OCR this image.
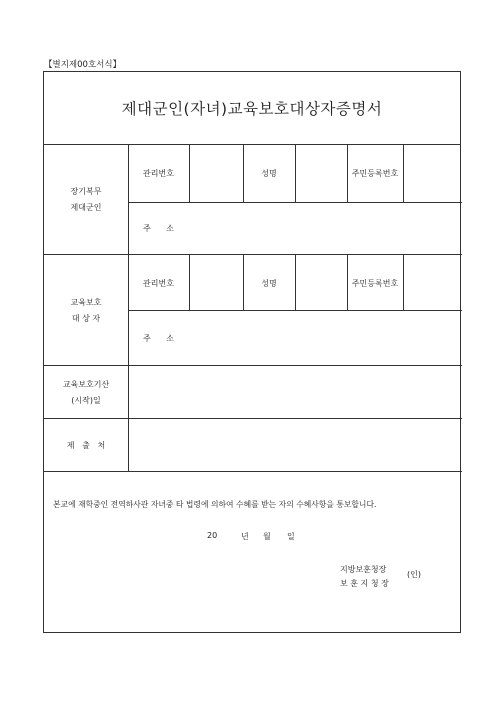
【별지제00호서식】
제대군인(자녀)교육보호대상자증명서
장기복무
제대군인
관리번호	성명	주민등록번호
주      소
교육보호
대 상 자
관리번호	성명	주민등록번호
주      소
교육보호기산
(시작)일
제   출   처
본교에 재학중인 전역하사관 자녀중 타 법령에 의하여 수혜를 받는 자의 수혜사항을 통보합니다.
20	년 월 일
지방보훈청장
보 훈 지 청 장
(인)
